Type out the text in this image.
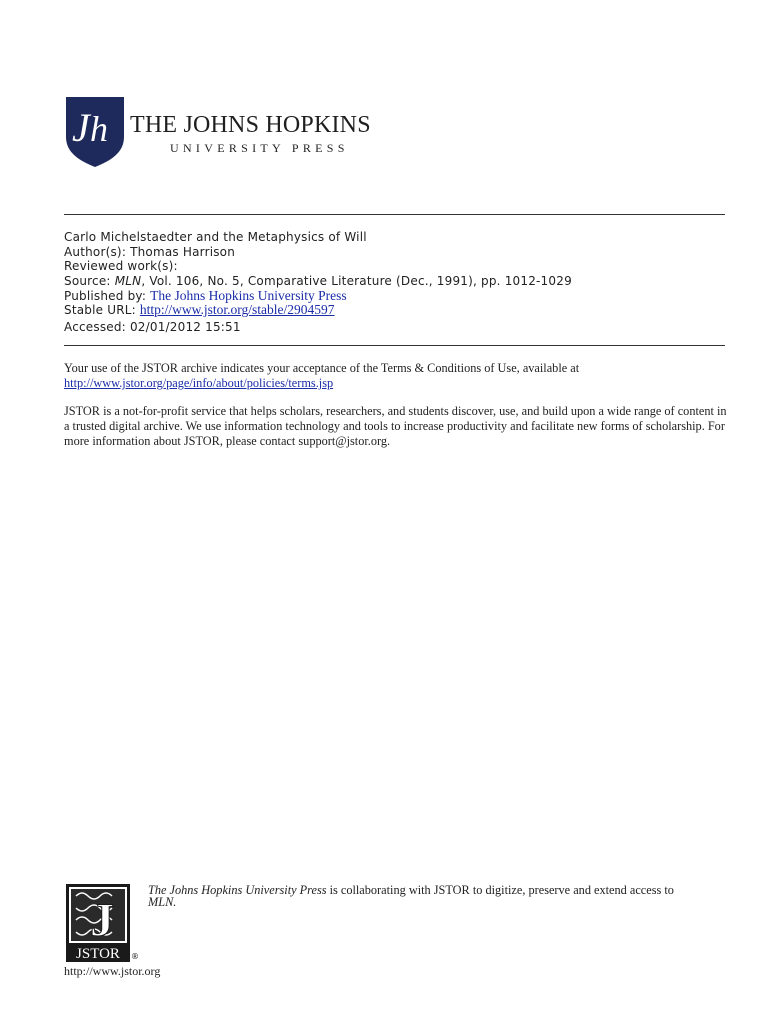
J h THE JOHNS HOPKINS
UNIVERSITY PRESS
Carlo Michelstaedter and the Metaphysics of Will
Author(s): Thomas Harrison
Reviewed work(s):
Source: MLN, Vol. 106, No. 5, Comparative Literature (Dec., 1991), pp. 1012-1029
Published by: The Johns Hopkins University Press
Stable URL: http://www.jstor.org/stable/2904597
Accessed: 02/01/2012 15:51
Your use of the JSTOR archive indicates your acceptance of the Terms & Conditions of Use, available at
http://www.jstor.org/page/info/about/policies/terms.jsp
JSTOR is a not-for-profit service that helps scholars, researchers, and students discover, use, and build upon a wide range of content in a trusted digital archive. We use information technology and tools to increase productivity and facilitate new forms of scholarship. For more information about JSTOR, please contact support@jstor.org.
J
JSTOR ®
http://www.jstor.org
The Johns Hopkins University Press is collaborating with JSTOR to digitize, preserve and extend access to
MLN.
